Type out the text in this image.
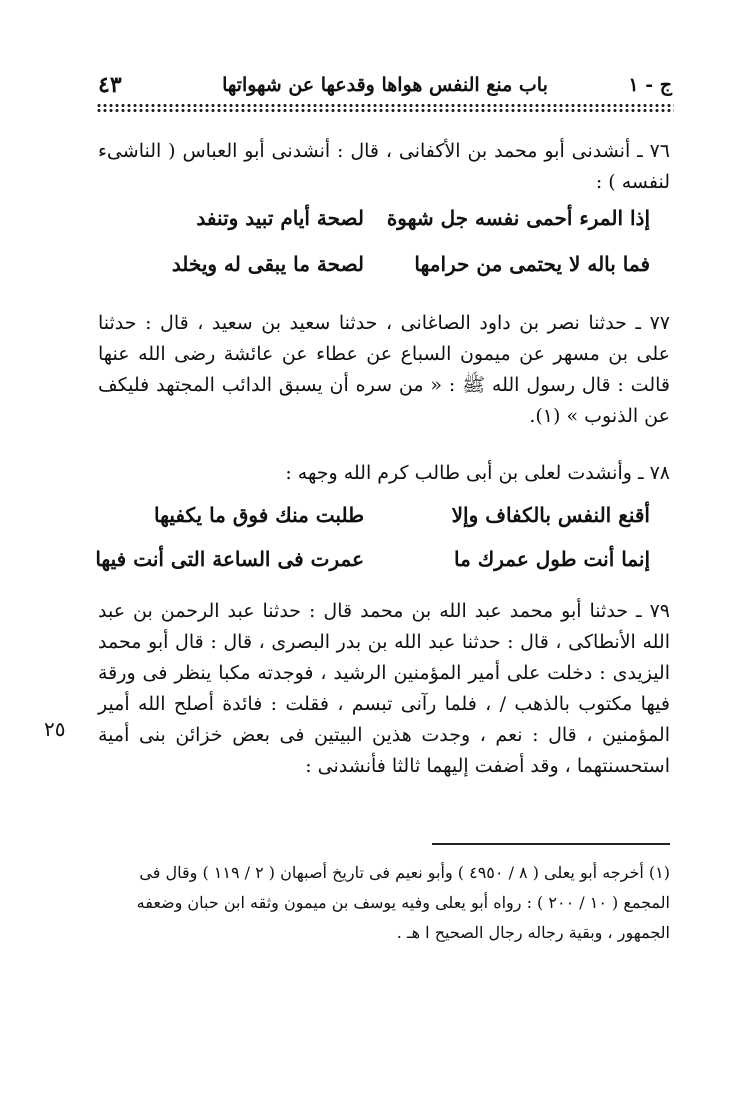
ج - ١
باب منع النفس هواها وقدعها عن شهواتها
٤٣
٧٦ ـ أنشدنى أبو محمد بن الأكفانى ، قال : أنشدنى أبو العباس ( الناشىء لنفسه ) :
إذا المرء أحمى نفسه جل شهوة
لصحة أيام تبيد وتنفد
فما باله لا يحتمى من حرامها
لصحة ما يبقى له ويخلد
٧٧ ـ حدثنا نصر بن داود الصاغانى ، حدثنا سعيد بن سعيد ، قال : حدثنا على بن مسهر عن ميمون السباع عن عطاء عن عائشة رضى الله عنها قالت : قال رسول الله ﷺ : « من سره أن يسبق الدائب المجتهد فليكف عن الذنوب » (١).
٧٨ ـ وأنشدت لعلى بن أبى طالب كرم الله وجهه :
أقنع النفس بالكفاف وإلا
طلبت منك فوق ما يكفيها
إنما أنت طول عمرك ما
عمرت فى الساعة التى أنت فيها
٧٩ ـ حدثنا أبو محمد عبد الله بن محمد قال : حدثنا عبد الرحمن بن عبد الله الأنطاكى ، قال : حدثنا عبد الله بن بدر البصرى ، قال : قال أبو محمد اليزيدى : دخلت على أمير المؤمنين الرشيد ، فوجدته مكبا ينظر فى ورقة فيها مكتوب بالذهب / ، فلما رآنى تبسم ، فقلت : فائدة أصلح الله أمير المؤمنين ، قال : نعم ، وجدت هذين البيتين فى بعض خزائن بنى أمية استحسنتهما ، وقد أضفت إليهما ثالثا فأنشدنى :
٢٥
(١) أخرجه أبو يعلى ( ٨ / ٤٩٥٠ ) وأبو نعيم فى تاريخ أصبهان ( ٢ / ١١٩ ) وقال فى المجمع ( ١٠ / ٢٠٠ ) : رواه أبو يعلى وفيه يوسف بن ميمون وثقه ابن حبان وضعفه الجمهور ، وبقية رجاله رجال الصحيح ا هـ .
